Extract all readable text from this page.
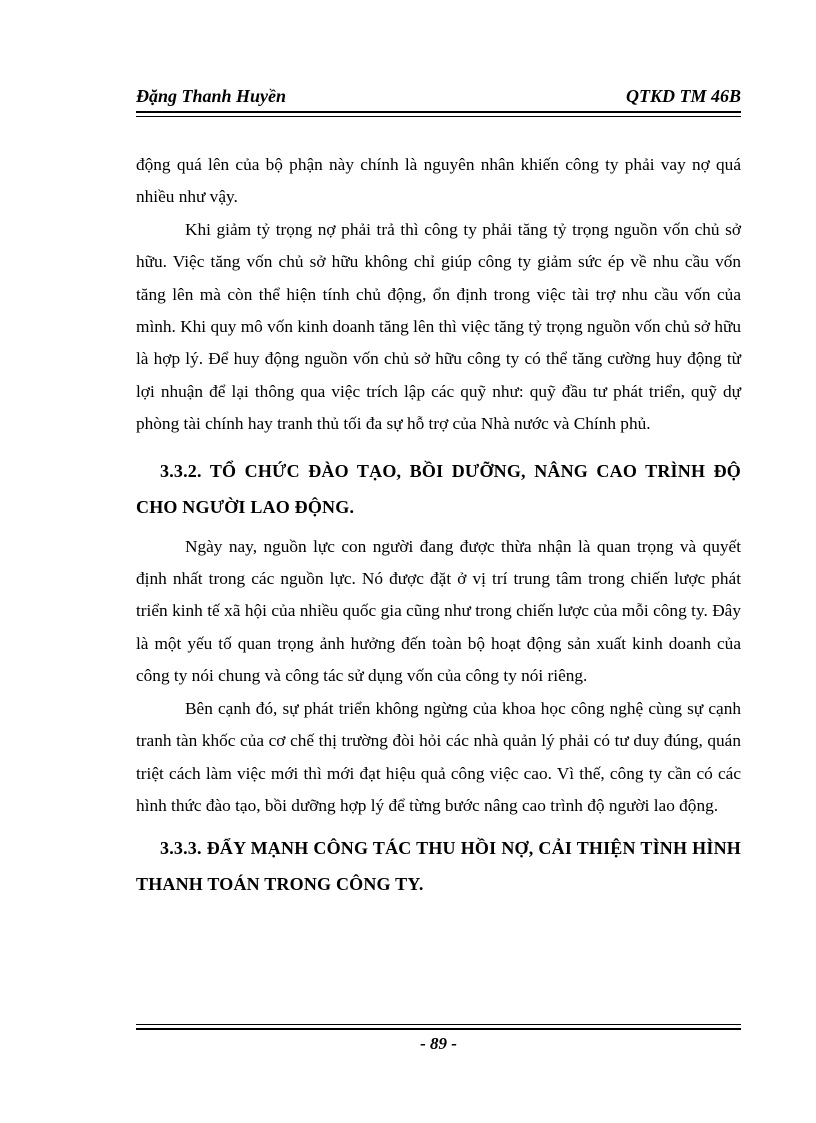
Đặng Thanh Huyền	QTKD TM 46B

động quá lên của bộ phận này chính là nguyên nhân khiến công ty phải vay nợ quá nhiều như vậy.

Khi giảm tỷ trọng nợ phải trả thì công ty phải tăng tỷ trọng nguồn vốn chủ sở hữu. Việc tăng vốn chủ sở hữu không chỉ giúp công ty giảm sức ép về nhu cầu vốn tăng lên mà còn thể hiện tính chủ động, ổn định trong việc tài trợ nhu cầu vốn của mình. Khi quy mô vốn kinh doanh tăng lên thì việc tăng tỷ trọng nguồn vốn chủ sở hữu là hợp lý. Để huy động nguồn vốn chủ sở hữu công ty có thể tăng cường huy động từ lợi nhuận để lại thông qua việc trích lập các quỹ như: quỹ đầu tư phát triển, quỹ dự phòng tài chính hay tranh thủ tối đa sự hỗ trợ của Nhà nước và Chính phủ.

3.3.2. TỔ CHỨC ĐÀO TẠO, BỒI DƯỠNG, NÂNG CAO TRÌNH ĐỘ CHO NGƯỜI LAO ĐỘNG.

Ngày nay, nguồn lực con người đang được thừa nhận là quan trọng và quyết định nhất trong các nguồn lực. Nó được đặt ở vị trí trung tâm trong chiến lược phát triển kinh tế xã hội của nhiều quốc gia cũng như trong chiến lược của mỗi công ty. Đây là một yếu tố quan trọng ảnh hưởng đến toàn bộ hoạt động sản xuất kinh doanh của công ty nói chung và công tác sử dụng vốn của công ty nói riêng.

Bên cạnh đó, sự phát triển không ngừng của khoa học công nghệ cùng sự cạnh tranh tàn khốc của cơ chế thị trường đòi hỏi các nhà quản lý phải có tư duy đúng, quán triệt cách làm việc mới thì mới đạt hiệu quả công việc cao. Vì thế, công ty cần có các hình thức đào tạo, bồi dưỡng hợp lý để từng bước nâng cao trình độ người lao động.

3.3.3. ĐẨY MẠNH CÔNG TÁC THU HỒI NỢ, CẢI THIỆN TÌNH HÌNH THANH TOÁN TRONG CÔNG TY.

- 89 -
